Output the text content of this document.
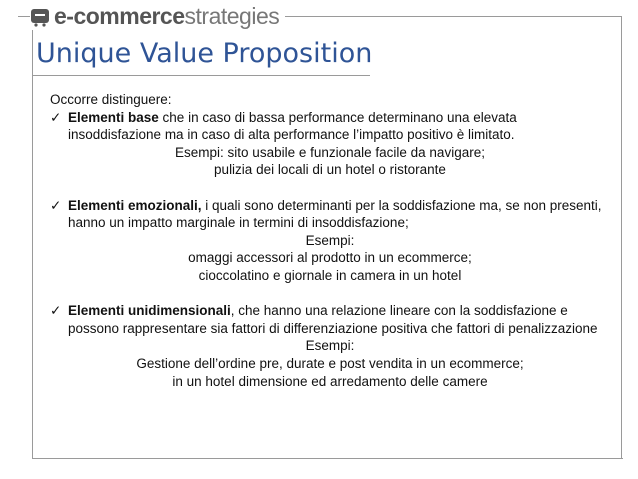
e-commercestrategies
Unique Value Proposition
Occorre distinguere:
✓ Elementi base che in caso di bassa performance determinano una elevata insoddisfazione ma in caso di alta performance l’impatto positivo è limitato.
Esempi: sito usabile e funzionale facile da navigare;
pulizia dei locali di un hotel o ristorante
✓ Elementi emozionali, i quali sono determinanti per la soddisfazione ma, se non presenti, hanno un impatto marginale in termini di insoddisfazione;
Esempi:
omaggi accessori al prodotto in un ecommerce;
cioccolatino e giornale in camera in un hotel
✓ Elementi unidimensionali, che hanno una relazione lineare con la soddisfazione e possono rappresentare sia fattori di differenziazione positiva che fattori di penalizzazione
Esempi:
Gestione dell’ordine pre, durate e post vendita in un ecommerce;
in un hotel dimensione ed arredamento delle camere
